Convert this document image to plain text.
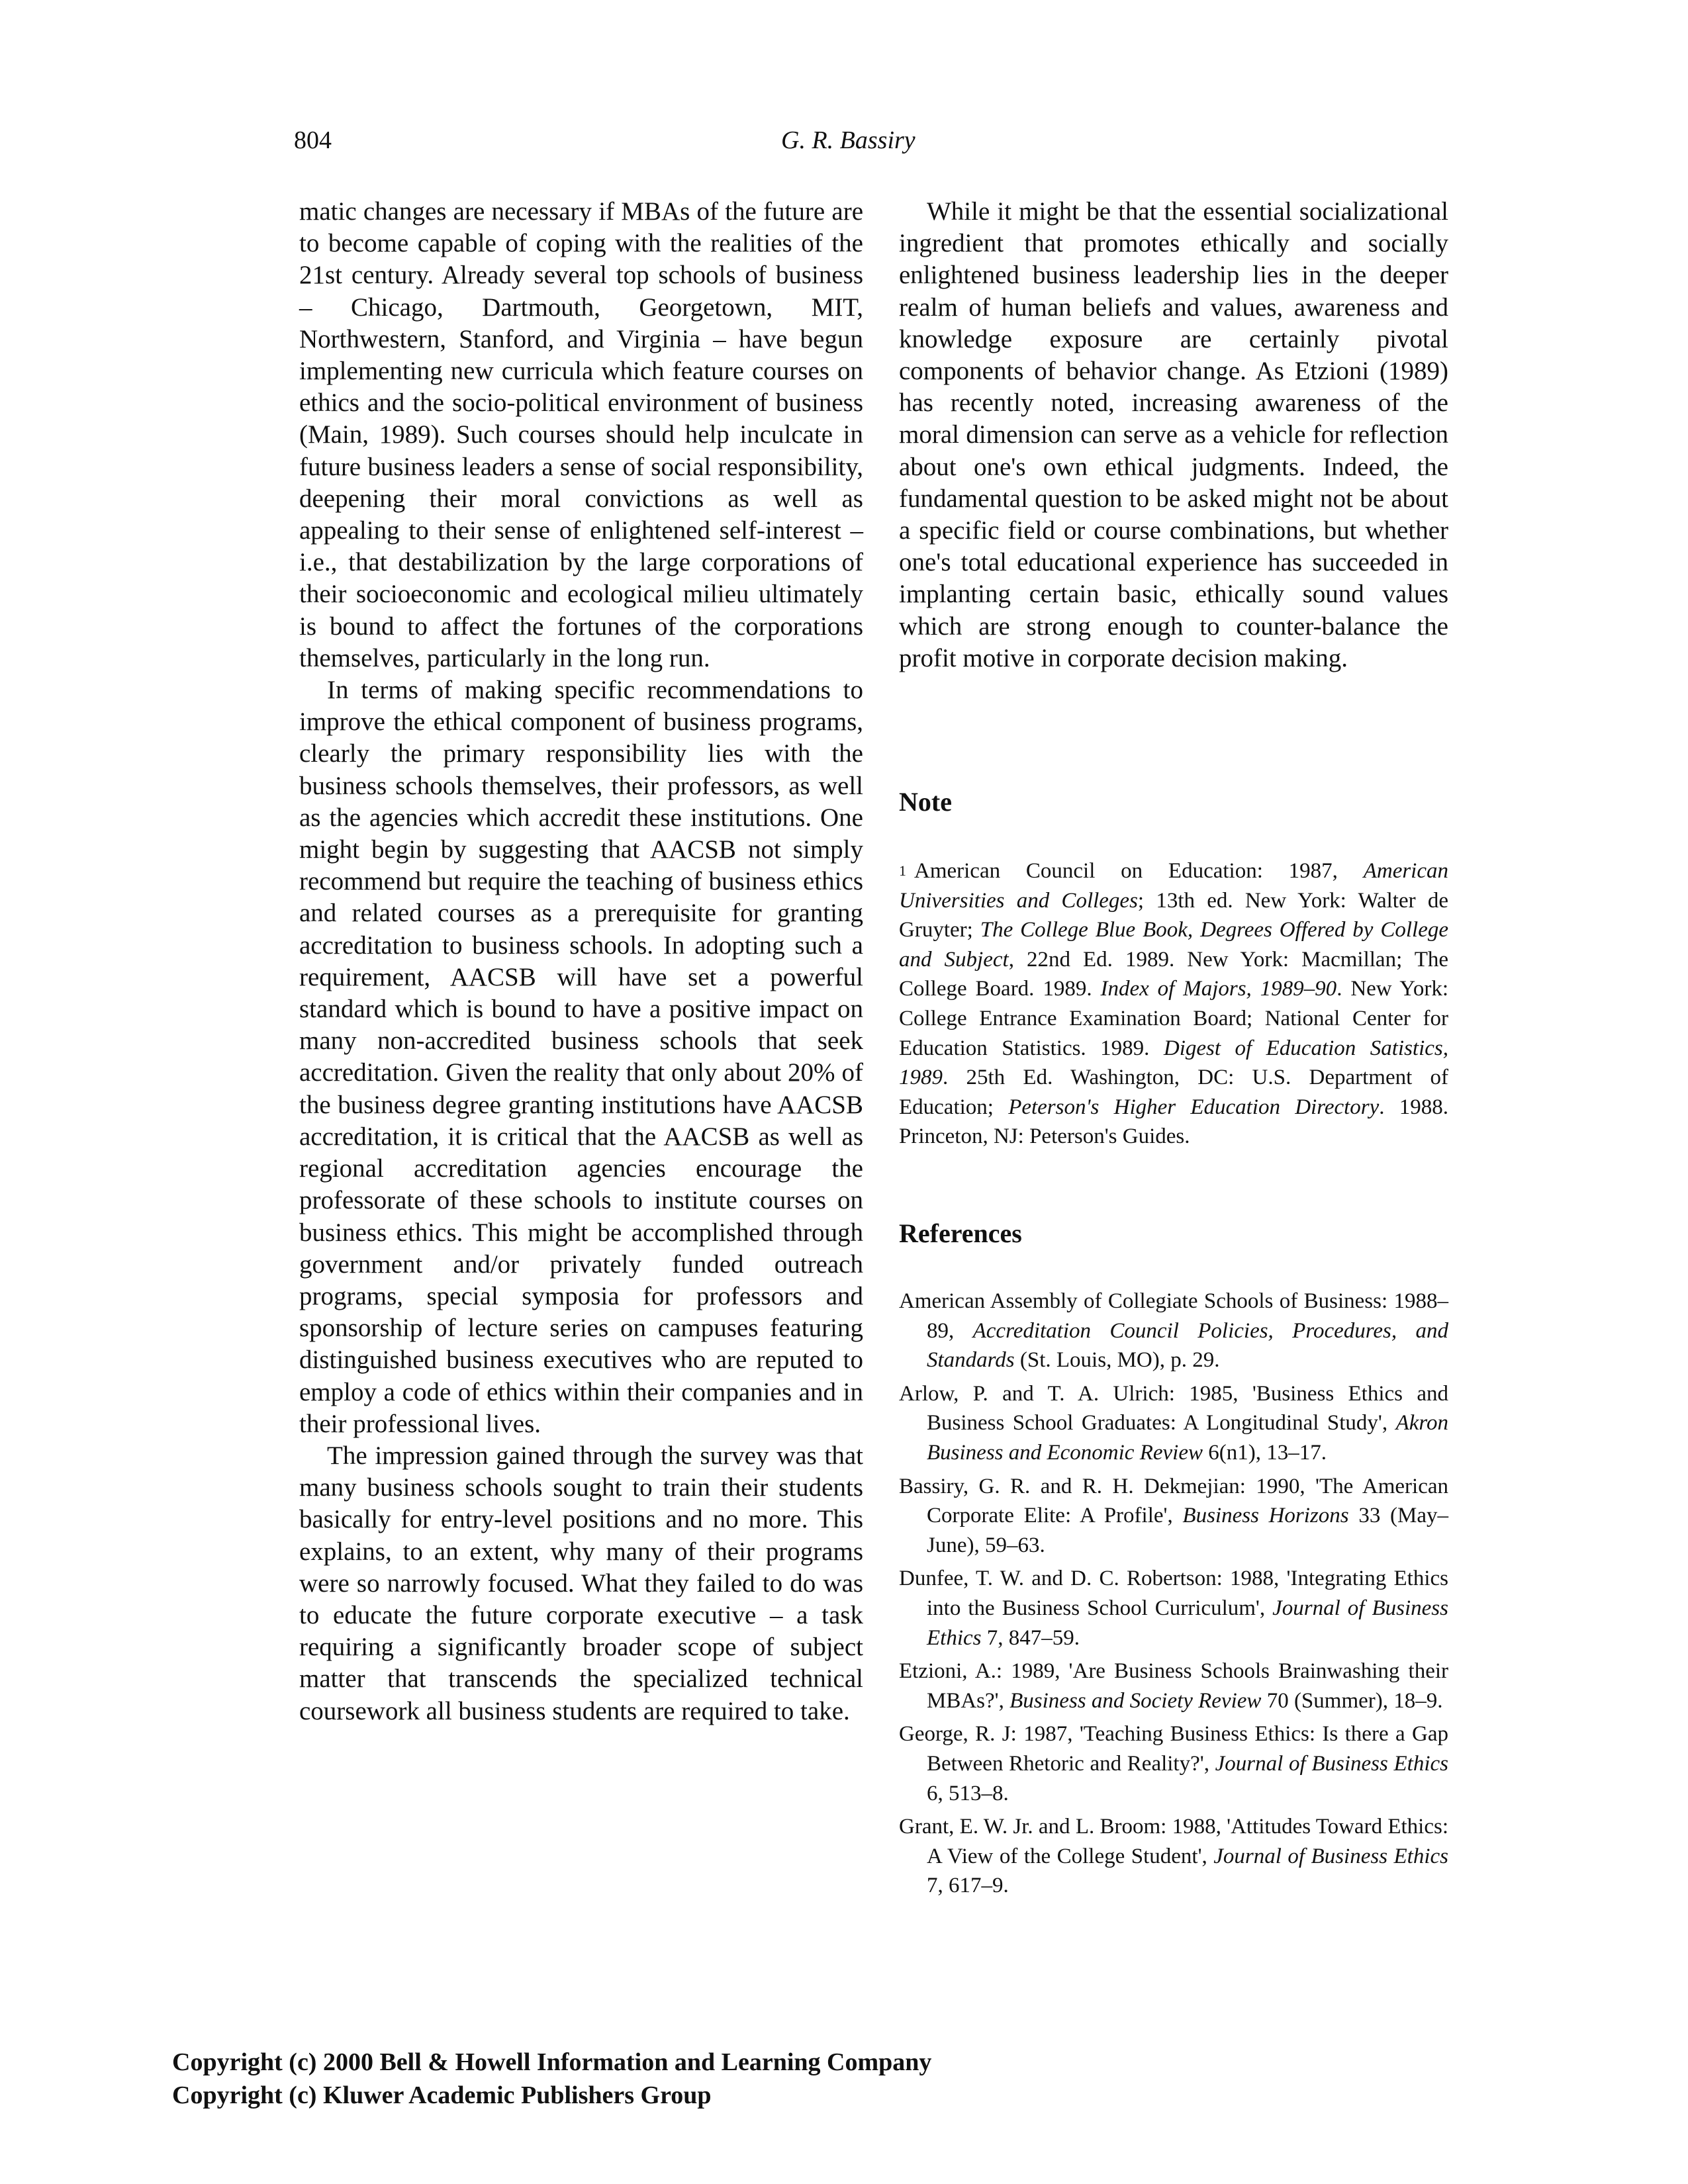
804	G. R. Bassiry

matic changes are necessary if MBAs of the future are to become capable of coping with the realities of the 21st century. Already several top schools of business – Chicago, Dartmouth, Georgetown, MIT, Northwestern, Stanford, and Virginia – have begun implementing new curricula which feature courses on ethics and the socio-political environment of business (Main, 1989). Such courses should help inculcate in future business leaders a sense of social responsibility, deepening their moral convictions as well as appealing to their sense of enlightened self-interest – i.e., that destabilization by the large corporations of their socioeconomic and ecological milieu ultimately is bound to affect the fortunes of the corporations themselves, particularly in the long run.

In terms of making specific recommendations to improve the ethical component of business programs, clearly the primary responsibility lies with the business schools themselves, their professors, as well as the agencies which accredit these institutions. One might begin by suggesting that AACSB not simply recommend but require the teaching of business ethics and related courses as a prerequisite for granting accreditation to business schools. In adopting such a requirement, AACSB will have set a powerful standard which is bound to have a positive impact on many non-accredited business schools that seek accreditation. Given the reality that only about 20% of the business degree granting institutions have AACSB accreditation, it is critical that the AACSB as well as regional accreditation agencies encourage the professorate of these schools to institute courses on business ethics. This might be accomplished through government and/or privately funded outreach programs, special symposia for professors and sponsorship of lecture series on campuses featuring distinguished business executives who are reputed to employ a code of ethics within their companies and in their professional lives.

The impression gained through the survey was that many business schools sought to train their students basically for entry-level positions and no more. This explains, to an extent, why many of their programs were so narrowly focused. What they failed to do was to educate the future corporate executive – a task requiring a significantly broader scope of subject matter that transcends the specialized technical coursework all business students are required to take.

While it might be that the essential socializational ingredient that promotes ethically and socially enlightened business leadership lies in the deeper realm of human beliefs and values, awareness and knowledge exposure are certainly pivotal components of behavior change. As Etzioni (1989) has recently noted, increasing awareness of the moral dimension can serve as a vehicle for reflection about one's own ethical judgments. Indeed, the fundamental question to be asked might not be about a specific field or course combinations, but whether one's total educational experience has succeeded in implanting certain basic, ethically sound values which are strong enough to counter-balance the profit motive in corporate decision making.

Note
$^1$ American Council on Education: 1987, American Universities and Colleges; 13th ed. New York: Walter de Gruyter; The College Blue Book, Degrees Offered by College and Subject, 22nd Ed. 1989. New York: Macmillan; The College Board. 1989. Index of Majors, 1989–90. New York: College Entrance Examination Board; National Center for Education Statistics. 1989. Digest of Education Satistics, 1989. 25th Ed. Washington, DC: U.S. Department of Education; Peterson's Higher Education Directory. 1988. Princeton, NJ: Peterson's Guides.
References

American Assembly of Collegiate Schools of Business: 1988–89, Accreditation Council Policies, Procedures, and Standards (St. Louis, MO), p. 29.

Arlow, P. and T. A. Ulrich: 1985, 'Business Ethics and Business School Graduates: A Longitudinal Study', Akron Business and Economic Review 6(n1), 13–17.

Bassiry, G. R. and R. H. Dekmejian: 1990, 'The American Corporate Elite: A Profile', Business Horizons 33 (May–June), 59–63.

Dunfee, T. W. and D. C. Robertson: 1988, 'Integrating Ethics into the Business School Curriculum', Journal of Business Ethics 7, 847–59.

Etzioni, A.: 1989, 'Are Business Schools Brainwashing their MBAs?', Business and Society Review 70 (Summer), 18–9.

George, R. J: 1987, 'Teaching Business Ethics: Is there a Gap Between Rhetoric and Reality?', Journal of Business Ethics 6, 513–8.

Grant, E. W. Jr. and L. Broom: 1988, 'Attitudes Toward Ethics: A View of the College Student', Journal of Business Ethics 7, 617–9.

Copyright (c) 2000 Bell & Howell Information and Learning Company
Copyright (c) Kluwer Academic Publishers Group
